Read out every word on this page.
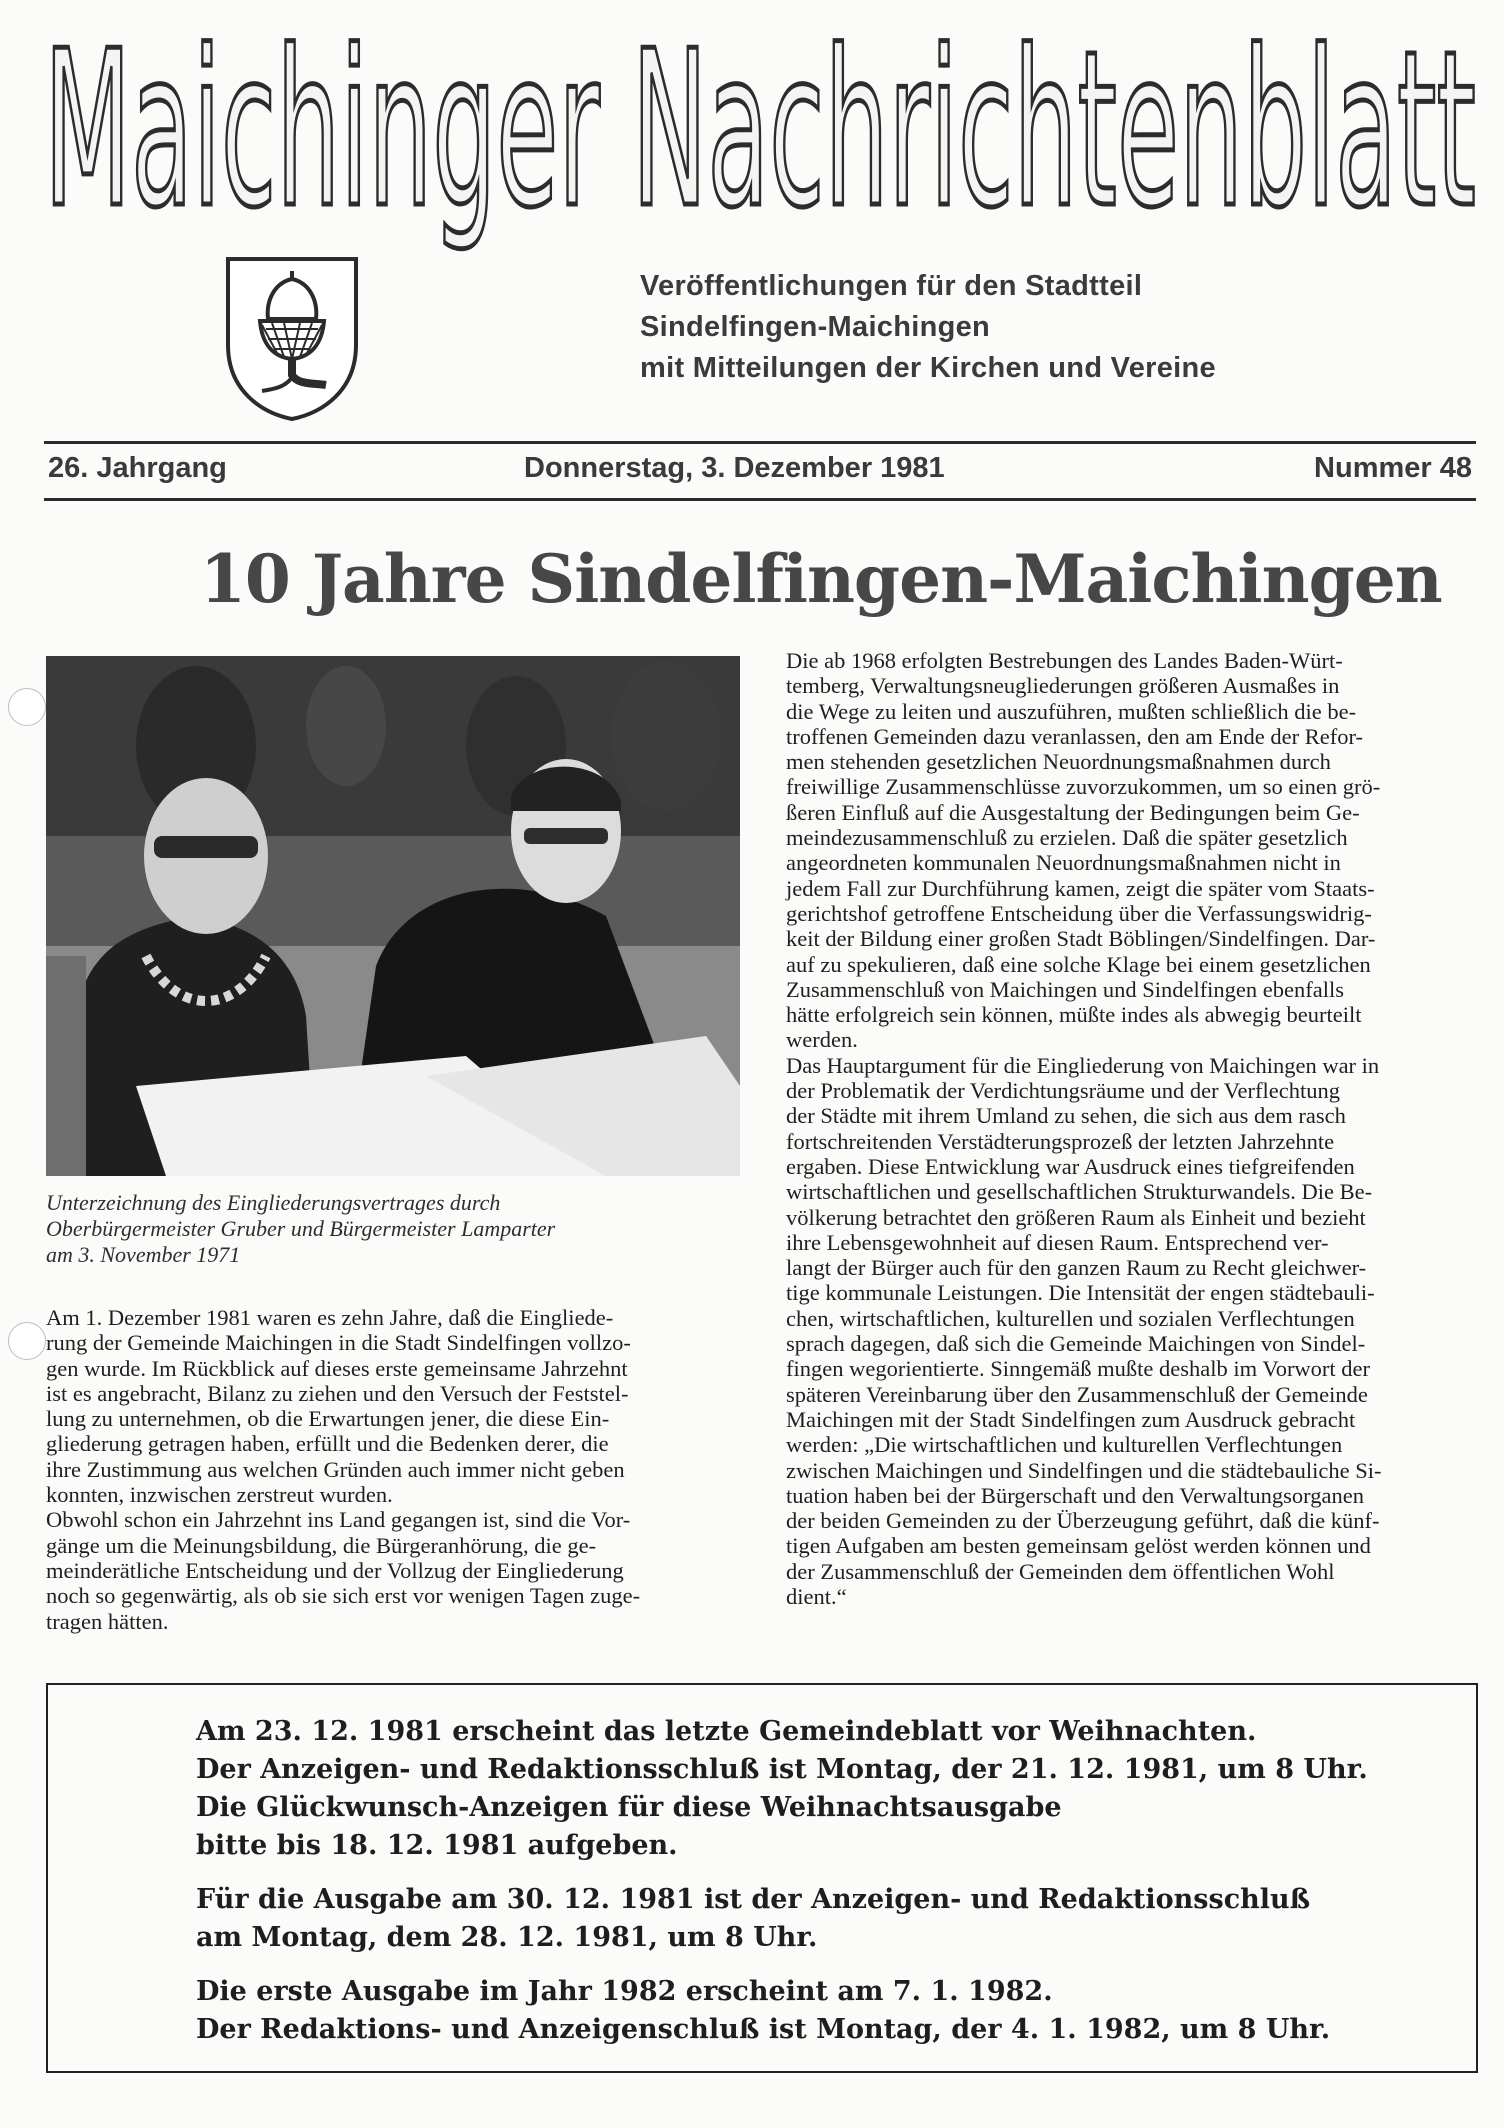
Maichinger Nachrichtenblatt
Veröffentlichungen für den Stadtteil
Sindelfingen-Maichingen
mit Mitteilungen der Kirchen und Vereine
26. Jahrgang	Donnerstag, 3. Dezember 1981	Nummer 48
10 Jahre Sindelfingen-Maichingen
Unterzeichnung des Eingliederungsvertrages durch
Oberbürgermeister Gruber und Bürgermeister Lamparter
am 3. November 1971
Am 1. Dezember 1981 waren es zehn Jahre, daß die Eingliede-
rung der Gemeinde Maichingen in die Stadt Sindelfingen vollzo-
gen wurde. Im Rückblick auf dieses erste gemeinsame Jahrzehnt
ist es angebracht, Bilanz zu ziehen und den Versuch der Feststel-
lung zu unternehmen, ob die Erwartungen jener, die diese Ein-
gliederung getragen haben, erfüllt und die Bedenken derer, die
ihre Zustimmung aus welchen Gründen auch immer nicht geben
konnten, inzwischen zerstreut wurden.
Obwohl schon ein Jahrzehnt ins Land gegangen ist, sind die Vor-
gänge um die Meinungsbildung, die Bürgeranhörung, die ge-
meinderätliche Entscheidung und der Vollzug der Eingliederung
noch so gegenwärtig, als ob sie sich erst vor wenigen Tagen zuge-
tragen hätten.
Die ab 1968 erfolgten Bestrebungen des Landes Baden-Würt-
temberg, Verwaltungsneugliederungen größeren Ausmaßes in
die Wege zu leiten und auszuführen, mußten schließlich die be-
troffenen Gemeinden dazu veranlassen, den am Ende der Refor-
men stehenden gesetzlichen Neuordnungsmaßnahmen durch
freiwillige Zusammenschlüsse zuvorzukommen, um so einen grö-
ßeren Einfluß auf die Ausgestaltung der Bedingungen beim Ge-
meindezusammenschluß zu erzielen. Daß die später gesetzlich
angeordneten kommunalen Neuordnungsmaßnahmen nicht in
jedem Fall zur Durchführung kamen, zeigt die später vom Staats-
gerichtshof getroffene Entscheidung über die Verfassungswidrig-
keit der Bildung einer großen Stadt Böblingen/Sindelfingen. Dar-
auf zu spekulieren, daß eine solche Klage bei einem gesetzlichen
Zusammenschluß von Maichingen und Sindelfingen ebenfalls
hätte erfolgreich sein können, müßte indes als abwegig beurteilt
werden.
Das Hauptargument für die Eingliederung von Maichingen war in
der Problematik der Verdichtungsräume und der Verflechtung
der Städte mit ihrem Umland zu sehen, die sich aus dem rasch
fortschreitenden Verstädterungsprozeß der letzten Jahrzehnte
ergaben. Diese Entwicklung war Ausdruck eines tiefgreifenden
wirtschaftlichen und gesellschaftlichen Strukturwandels. Die Be-
völkerung betrachtet den größeren Raum als Einheit und bezieht
ihre Lebensgewohnheit auf diesen Raum. Entsprechend ver-
langt der Bürger auch für den ganzen Raum zu Recht gleichwer-
tige kommunale Leistungen. Die Intensität der engen städtebauli-
chen, wirtschaftlichen, kulturellen und sozialen Verflechtungen
sprach dagegen, daß sich die Gemeinde Maichingen von Sindel-
fingen wegorientierte. Sinngemäß mußte deshalb im Vorwort der
späteren Vereinbarung über den Zusammenschluß der Gemeinde
Maichingen mit der Stadt Sindelfingen zum Ausdruck gebracht
werden: „Die wirtschaftlichen und kulturellen Verflechtungen
zwischen Maichingen und Sindelfingen und die städtebauliche Si-
tuation haben bei der Bürgerschaft und den Verwaltungsorganen
der beiden Gemeinden zu der Überzeugung geführt, daß die künf-
tigen Aufgaben am besten gemeinsam gelöst werden können und
der Zusammenschluß der Gemeinden dem öffentlichen Wohl
dient.“
Am 23. 12. 1981 erscheint das letzte Gemeindeblatt vor Weihnachten.
Der Anzeigen- und Redaktionsschluß ist Montag, der 21. 12. 1981, um 8 Uhr.
Die Glückwunsch-Anzeigen für diese Weihnachtsausgabe
bitte bis 18. 12. 1981 aufgeben.
Für die Ausgabe am 30. 12. 1981 ist der Anzeigen- und Redaktionsschluß
am Montag, dem 28. 12. 1981, um 8 Uhr.
Die erste Ausgabe im Jahr 1982 erscheint am 7. 1. 1982.
Der Redaktions- und Anzeigenschluß ist Montag, der 4. 1. 1982, um 8 Uhr.
